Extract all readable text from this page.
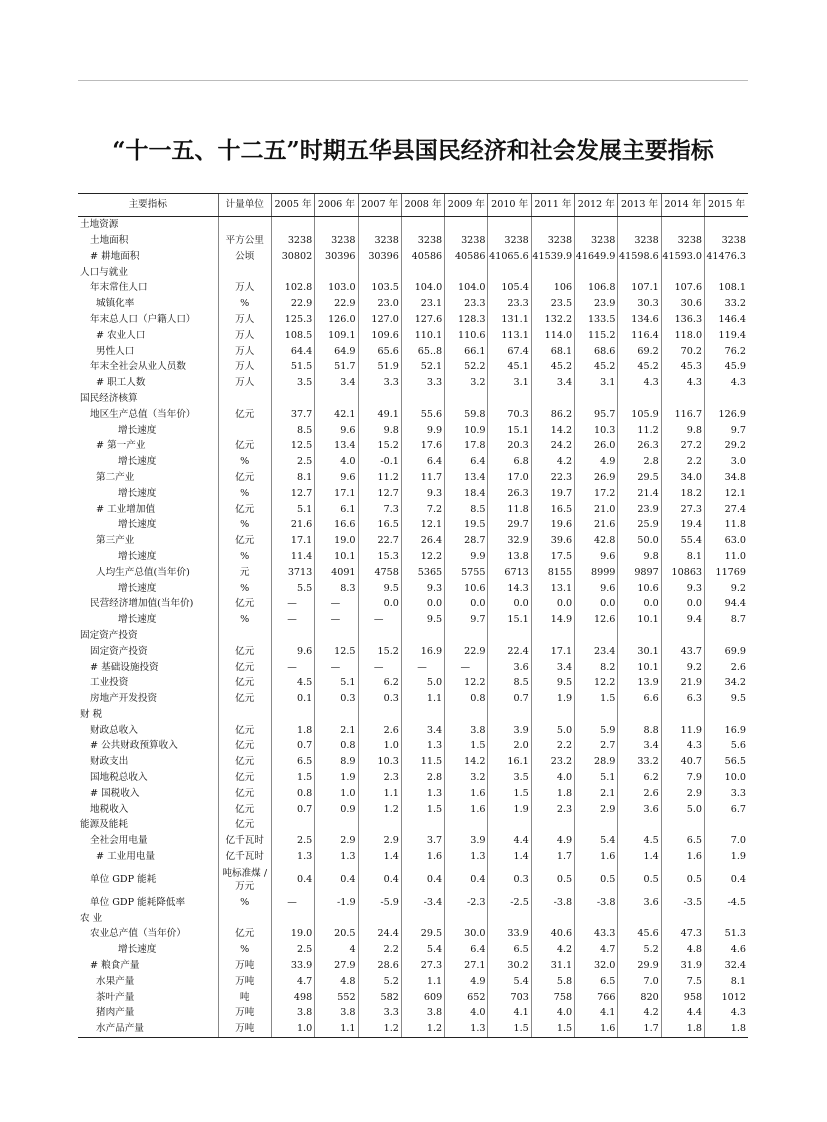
“十一五、十二五”时期五华县国民经济和社会发展主要指标
主要指标	计量单位	2005 年	2006 年	2007 年	2008 年	2009 年	2010 年	2011 年	2012 年	2013 年	2014 年	2015 年
土地资源												
土地面积	平方公里	3238	3238	3238	3238	3238	3238	3238	3238	3238	3238	3238
# 耕地面积	公顷	30802	30396	30396	40586	40586	41065.6	41539.9	41649.9	41598.6	41593.0	41476.3
人口与就业												
年末常住人口	万人	102.8	103.0	103.5	104.0	104.0	105.4	106	106.8	107.1	107.6	108.1
城镇化率	%	22.9	22.9	23.0	23.1	23.3	23.3	23.5	23.9	30.3	30.6	33.2
年末总人口（户籍人口）	万人	125.3	126.0	127.0	127.6	128.3	131.1	132.2	133.5	134.6	136.3	146.4
# 农业人口	万人	108.5	109.1	109.6	110.1	110.6	113.1	114.0	115.2	116.4	118.0	119.4
男性人口	万人	64.4	64.9	65.6	65..8	66.1	67.4	68.1	68.6	69.2	70.2	76.2
年末全社会从业人员数	万人	51.5	51.7	51.9	52.1	52.2	45.1	45.2	45.2	45.2	45.3	45.9
# 职工人数	万人	3.5	3.4	3.3	3.3	3.2	3.1	3.4	3.1	4.3	4.3	4.3
国民经济核算												
地区生产总值（当年价）	亿元	37.7	42.1	49.1	55.6	59.8	70.3	86.2	95.7	105.9	116.7	126.9
增长速度		8.5	9.6	9.8	9.9	10.9	15.1	14.2	10.3	11.2	9.8	9.7
# 第一产业	亿元	12.5	13.4	15.2	17.6	17.8	20.3	24.2	26.0	26.3	27.2	29.2
增长速度	%	2.5	4.0	-0.1	6.4	6.4	6.8	4.2	4.9	2.8	2.2	3.0
第二产业	亿元	8.1	9.6	11.2	11.7	13.4	17.0	22.3	26.9	29.5	34.0	34.8
增长速度	%	12.7	17.1	12.7	9.3	18.4	26.3	19.7	17.2	21.4	18.2	12.1
# 工业增加值	亿元	5.1	6.1	7.3	7.2	8.5	11.8	16.5	21.0	23.9	27.3	27.4
增长速度	%	21.6	16.6	16.5	12.1	19.5	29.7	19.6	21.6	25.9	19.4	11.8
第三产业	亿元	17.1	19.0	22.7	26.4	28.7	32.9	39.6	42.8	50.0	55.4	63.0
增长速度	%	11.4	10.1	15.3	12.2	9.9	13.8	17.5	9.6	9.8	8.1	11.0
人均生产总值(当年价)	元	3713	4091	4758	5365	5755	6713	8155	8999	9897	10863	11769
增长速度	%	5.5	8.3	9.5	9.3	10.6	14.3	13.1	9.6	10.6	9.3	9.2
民营经济增加值(当年价)	亿元	—	—	0.0	0.0	0.0	0.0	0.0	0.0	0.0	0.0	94.4
增长速度	%	—	—	—	9.5	9.7	15.1	14.9	12.6	10.1	9.4	8.7
固定资产投资												
固定资产投资	亿元	9.6	12.5	15.2	16.9	22.9	22.4	17.1	23.4	30.1	43.7	69.9
# 基础设施投资	亿元	—	—	—	—	—	3.6	3.4	8.2	10.1	9.2	2.6
工业投资	亿元	4.5	5.1	6.2	5.0	12.2	8.5	9.5	12.2	13.9	21.9	34.2
房地产开发投资	亿元	0.1	0.3	0.3	1.1	0.8	0.7	1.9	1.5	6.6	6.3	9.5
财 税												
财政总收入	亿元	1.8	2.1	2.6	3.4	3.8	3.9	5.0	5.9	8.8	11.9	16.9
# 公共财政预算收入	亿元	0.7	0.8	1.0	1.3	1.5	2.0	2.2	2.7	3.4	4.3	5.6
财政支出	亿元	6.5	8.9	10.3	11.5	14.2	16.1	23.2	28.9	33.2	40.7	56.5
国地税总收入	亿元	1.5	1.9	2.3	2.8	3.2	3.5	4.0	5.1	6.2	7.9	10.0
# 国税收入	亿元	0.8	1.0	1.1	1.3	1.6	1.5	1.8	2.1	2.6	2.9	3.3
地税收入	亿元	0.7	0.9	1.2	1.5	1.6	1.9	2.3	2.9	3.6	5.0	6.7
能源及能耗	亿元											
全社会用电量	亿千瓦时	2.5	2.9	2.9	3.7	3.9	4.4	4.9	5.4	4.5	6.5	7.0
# 工业用电量	亿千瓦时	1.3	1.3	1.4	1.6	1.3	1.4	1.7	1.6	1.4	1.6	1.9
单位 GDP 能耗	吨标准煤 / 万元	0.4	0.4	0.4	0.4	0.4	0.3	0.5	0.5	0.5	0.5	0.4
单位 GDP 能耗降低率	%	—	-1.9	-5.9	-3.4	-2.3	-2.5	-3.8	-3.8	3.6	-3.5	-4.5
农 业												
农业总产值（当年价）	亿元	19.0	20.5	24.4	29.5	30.0	33.9	40.6	43.3	45.6	47.3	51.3
增长速度	%	2.5	4	2.2	5.4	6.4	6.5	4.2	4.7	5.2	4.8	4.6
# 粮食产量	万吨	33.9	27.9	28.6	27.3	27.1	30.2	31.1	32.0	29.9	31.9	32.4
水果产量	万吨	4.7	4.8	5.2	1.1	4.9	5.4	5.8	6.5	7.0	7.5	8.1
茶叶产量	吨	498	552	582	609	652	703	758	766	820	958	1012
猪肉产量	万吨	3.8	3.8	3.3	3.8	4.0	4.1	4.0	4.1	4.2	4.4	4.3
水产品产量	万吨	1.0	1.1	1.2	1.2	1.3	1.5	1.5	1.6	1.7	1.8	1.8
